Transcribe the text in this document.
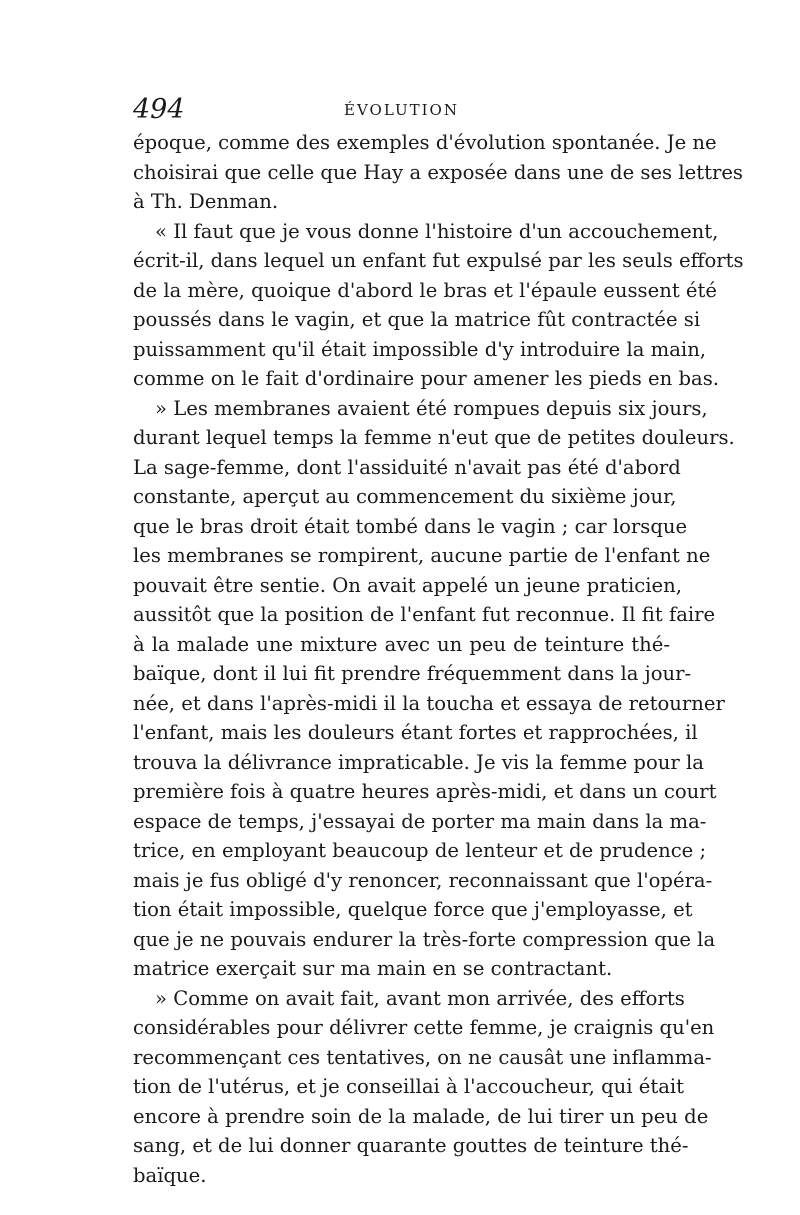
494	ÉVOLUTION
époque, comme des exemples d'évolution spontanée. Je ne
choisirai que celle que Hay a exposée dans une de ses lettres
à Th. Denman.
« Il faut que je vous donne l'histoire d'un accouchement,
écrit-il, dans lequel un enfant fut expulsé par les seuls efforts
de la mère, quoique d'abord le bras et l'épaule eussent été
poussés dans le vagin, et que la matrice fût contractée si
puissamment qu'il était impossible d'y introduire la main,
comme on le fait d'ordinaire pour amener les pieds en bas.
» Les membranes avaient été rompues depuis six jours,
durant lequel temps la femme n'eut que de petites douleurs.
La sage-femme, dont l'assiduité n'avait pas été d'abord
constante, aperçut au commencement du sixième jour,
que le bras droit était tombé dans le vagin ; car lorsque
les membranes se rompirent, aucune partie de l'enfant ne
pouvait être sentie. On avait appelé un jeune praticien,
aussitôt que la position de l'enfant fut reconnue. Il fit faire
à la malade une mixture avec un peu de teinture thé-
baïque, dont il lui fit prendre fréquemment dans la jour-
née, et dans l'après-midi il la toucha et essaya de retourner
l'enfant, mais les douleurs étant fortes et rapprochées, il
trouva la délivrance impraticable. Je vis la femme pour la
première fois à quatre heures après-midi, et dans un court
espace de temps, j'essayai de porter ma main dans la ma-
trice, en employant beaucoup de lenteur et de prudence ;
mais je fus obligé d'y renoncer, reconnaissant que l'opéra-
tion était impossible, quelque force que j'employasse, et
que je ne pouvais endurer la très-forte compression que la
matrice exerçait sur ma main en se contractant.
» Comme on avait fait, avant mon arrivée, des efforts
considérables pour délivrer cette femme, je craignis qu'en
recommençant ces tentatives, on ne causât une inflamma-
tion de l'utérus, et je conseillai à l'accoucheur, qui était
encore à prendre soin de la malade, de lui tirer un peu de
sang, et de lui donner quarante gouttes de teinture thé-
baïque.
